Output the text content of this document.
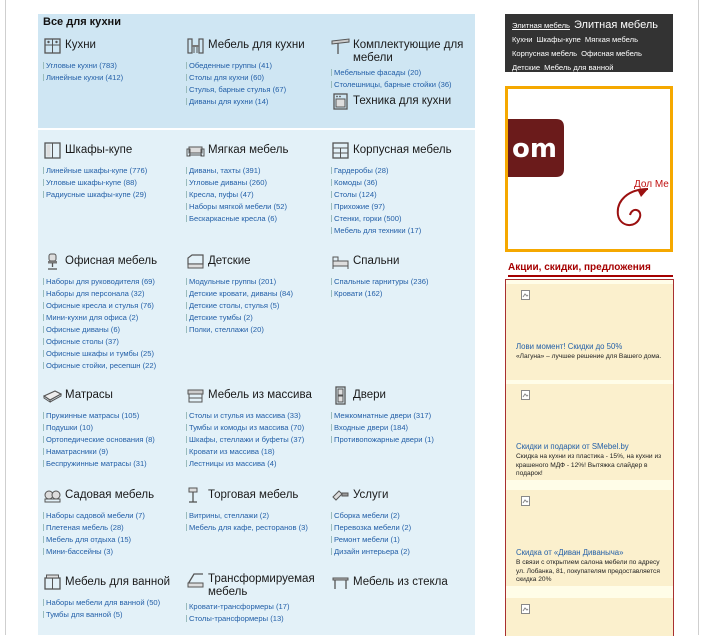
Все для кухни	Элитная мебель Элитная мебель
Кухни Шкафы-купе Мягкая мебель
Корпусная мебель Офисная мебель
Детские Мебель для ванной
om
Дол Ме
Акции, скидки, предложения
Лови момент! Скидки до 50%
«Лагуна» – лучшее решение для Вашего дома.
Скидки и подарки от SMebel.by
Скидка на кухни из пластика - 15%, на кухни из крашеного МДФ - 12%! Вытяжка слайдер в подарок!
Скидка от «Диван Диваныча»
В связи с открытием салона мебели по адресу ул. Лобанка, 81, покупателям предоставляется скидка 20%
Кухни
Угловые кухни (783)
Линейные кухни (412)
Мебель для кухни
Обеденные группы (41)
Столы для кухни (60)
Стулья, барные стулья (67)
Диваны для кухни (14)
Комплектующие для мебели
Мебельные фасады (20)
Столешницы, барные стойки (36)
Техника для кухни
Шкафы-купе
Линейные шкафы-купе (776)
Угловые шкафы-купе (88)
Радиусные шкафы-купе (29)
Мягкая мебель
Диваны, тахты (391)
Угловые диваны (260)
Кресла, пуфы (47)
Наборы мягкой мебели (52)
Бескаркасные кресла (6)
Корпусная мебель
Гардеробы (28)
Комоды (36)
Столы (124)
Прихожие (97)
Стенки, горки (500)
Мебель для техники (17)
Офисная мебель
Наборы для руководителя (69)
Наборы для персонала (32)
Офисные кресла и стулья (76)
Мини-кухни для офиса (2)
Офисные диваны (6)
Офисные столы (37)
Офисные шкафы и тумбы (25)
Офисные стойки, ресепшн (22)
Детские
Модульные группы (201)
Детские кровати, диваны (84)
Детские столы, стулья (5)
Детские тумбы (2)
Полки, стеллажи (20)
Спальни
Спальные гарнитуры (236)
Кровати (162)
Матрасы
Пружинные матрасы (105)
Подушки (10)
Ортопедические основания (8)
Наматрасники (9)
Беспружинные матрасы (31)
Мебель из массива
Столы и стулья из массива (33)
Тумбы и комоды из массива (70)
Шкафы, стеллажи и буфеты (37)
Кровати из массива (18)
Лестницы из массива (4)
Двери
Межкомнатные двери (317)
Входные двери (184)
Противопожарные двери (1)
Садовая мебель
Наборы садовой мебели (7)
Плетеная мебель (28)
Мебель для отдыха (15)
Мини-бассейны (3)
Торговая мебель
Витрины, стеллажи (2)
Мебель для кафе, ресторанов (3)
Услуги
Сборка мебели (2)
Перевозка мебели (2)
Ремонт мебели (1)
Дизайн интерьера (2)
Мебель для ванной
Наборы мебели для ванной (50)
Тумбы для ванной (5)
Трансформируемая мебель
Кровати-трансформеры (17)
Столы-трансформеры (13)
Мебель из стекла
